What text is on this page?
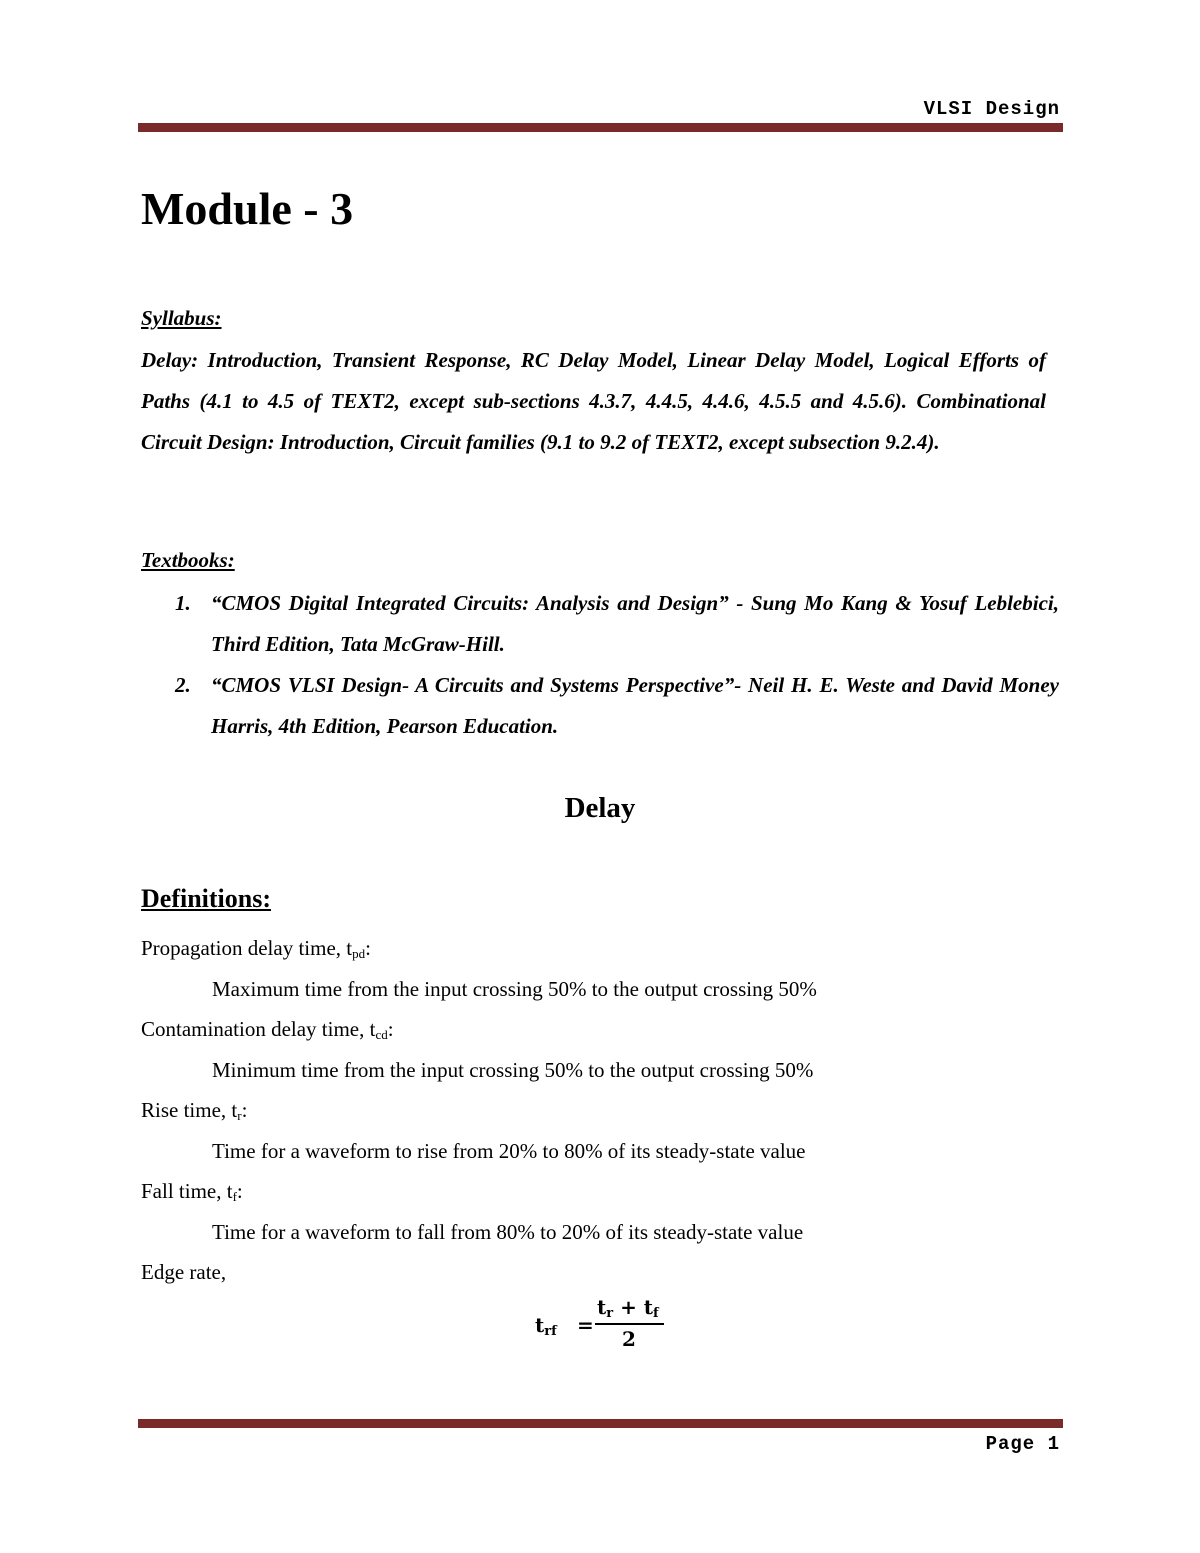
VLSI Design
Module - 3
Syllabus:

Delay: Introduction, Transient Response, RC Delay Model, Linear Delay Model, Logical Efforts of Paths (4.1 to 4.5 of TEXT2, except sub-sections 4.3.7, 4.4.5, 4.4.6, 4.5.5 and 4.5.6). Combinational Circuit Design: Introduction, Circuit families (9.1 to 9.2 of TEXT2, except subsection 9.2.4).

Textbooks:
1. “CMOS Digital Integrated Circuits: Analysis and Design” - Sung Mo Kang & Yosuf Leblebici, Third Edition, Tata McGraw-Hill.
2. “CMOS VLSI Design- A Circuits and Systems Perspective”- Neil H. E. Weste and David Money Harris, 4th Edition, Pearson Education.
Delay
Definitions:

Propagation delay time, $t_{pd}$:

Maximum time from the input crossing 50% to the output crossing 50%

Contamination delay time, $t_{cd}$:

Minimum time from the input crossing 50% to the output crossing 50%

Rise time, $t_r$:

Time for a waveform to rise from 20% to 80% of its steady-state value

Fall time, $t_f$:

Time for a waveform to fall from 80% to 20% of its steady-state value

Edge rate,

$t_{rf}$ =
$t_r + t_f$
2
Page 1
